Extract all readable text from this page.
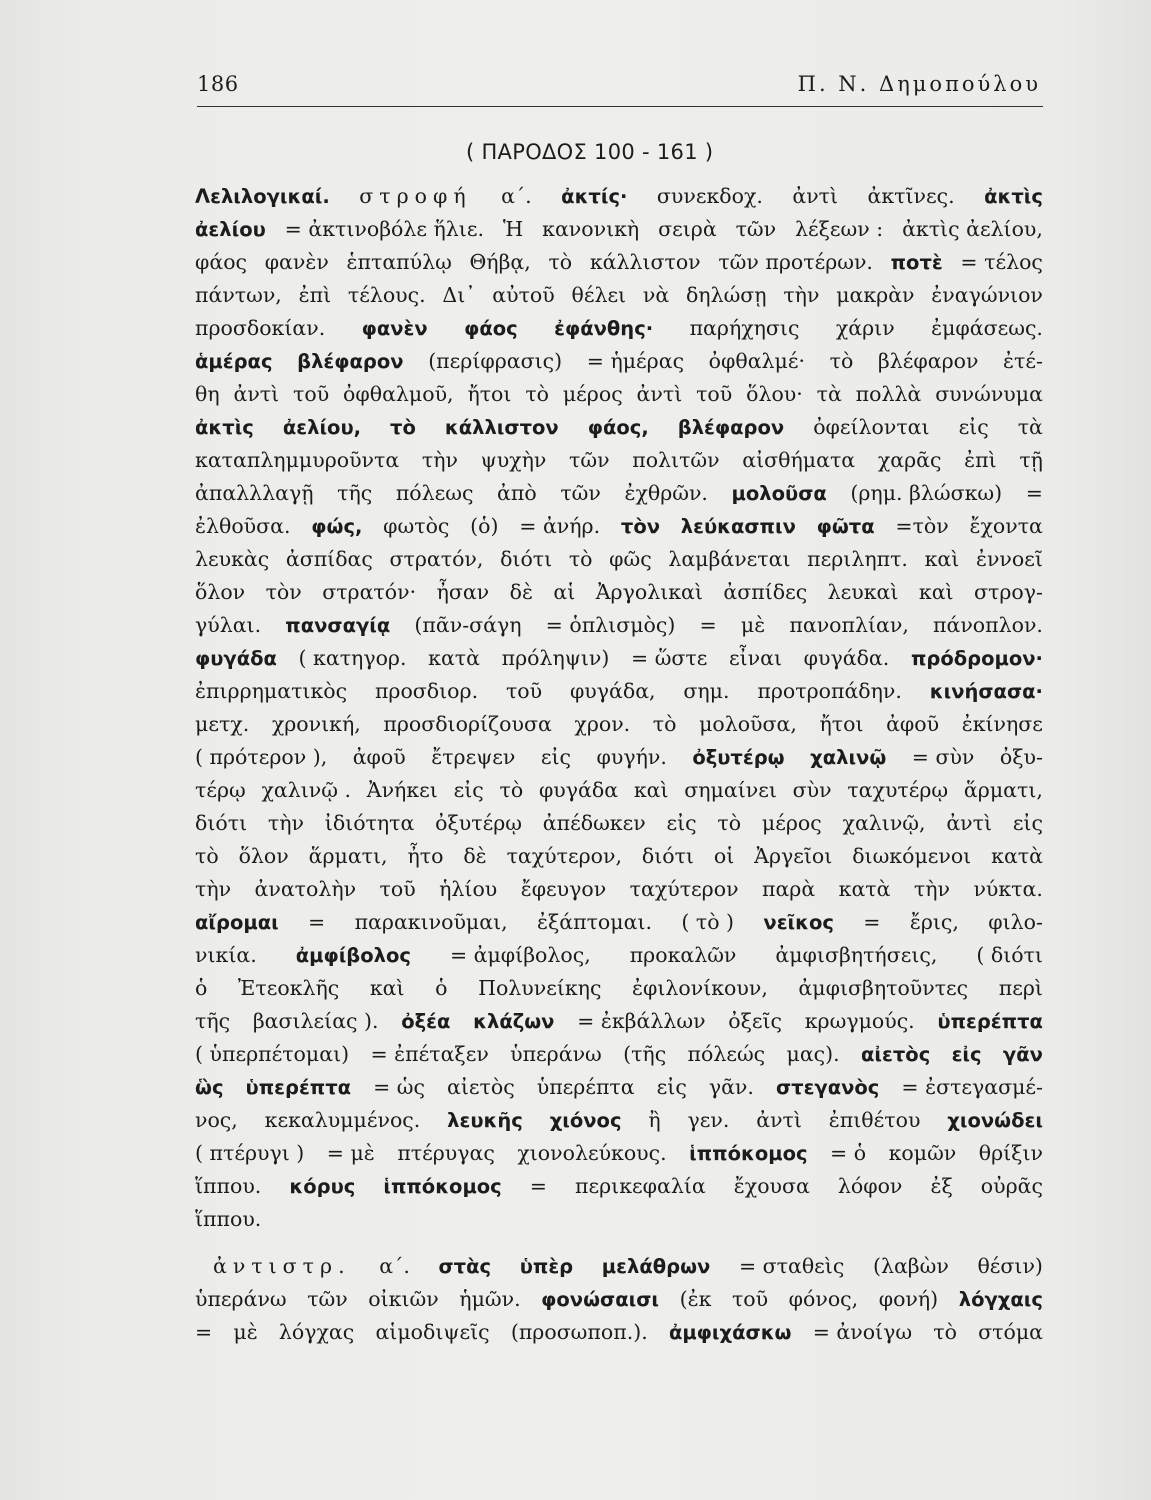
186	Π. Ν. Δημοπούλου
( ΠΑΡΟΔΟΣ 100 - 161 )
Λελιλογικαί. στροφή α΄. ἀκτίς· συνεκδοχ. ἀντὶ ἀκτῖνες. ἀκτὶς
ἀελίου = ἀκτινοβόλε ἥλιε. Ἡ κανονικὴ σειρὰ τῶν λέξεων : ἀκτὶς ἀελίου,
φάος φανὲν ἑπταπύλῳ Θήβᾳ, τὸ κάλλιστον τῶν προτέρων. ποτὲ = τέλος
πάντων, ἐπὶ τέλους. Δι᾽ αὐτοῦ θέλει νὰ δηλώσῃ τὴν μακρὰν ἐναγώνιον
προσδοκίαν. φανὲν φάος ἐφάνθης· παρήχησις χάριν ἐμφάσεως.
ἁμέρας βλέφαρον (περίφρασις) = ἡμέρας ὀφθαλμέ· τὸ βλέφαρον ἐτέ-
θη ἀντὶ τοῦ ὀφθαλμοῦ, ἤτοι τὸ μέρος ἀντὶ τοῦ ὅλου· τὰ πολλὰ συνώνυμα
ἀκτὶς ἀελίου, τὸ κάλλιστον φάος, βλέφαρον ὀφείλονται εἰς τὰ
καταπλημμυροῦντα τὴν ψυχὴν τῶν πολιτῶν αἰσθήματα χαρᾶς ἐπὶ τῇ
ἀπαλλλαγῇ τῆς πόλεως ἀπὸ τῶν ἐχθρῶν. μολοῦσα (ρημ. βλώσκω) =
ἐλθοῦσα. φώς, φωτὸς (ὁ) = ἀνήρ. τὸν λεύκασπιν φῶτα =τὸν ἔχοντα
λευκὰς ἀσπίδας στρατόν, διότι τὸ φῶς λαμβάνεται περιληπτ. καὶ ἐννοεῖ
ὅλον τὸν στρατόν· ἦσαν δὲ αἱ Ἀργολικαὶ ἀσπίδες λευκαὶ καὶ στρογ-
γύλαι. πανσαγίᾳ (πᾶν-σάγη = ὁπλισμὸς) = μὲ πανοπλίαν, πάνοπλον.
φυγάδα ( κατηγορ. κατὰ πρόληψιν) = ὥστε εἶναι φυγάδα. πρόδρομον·
ἐπιρρηματικὸς προσδιορ. τοῦ φυγάδα, σημ. προτροπάδην. κινήσασα·
μετχ. χρονική, προσδιορίζουσα χρον. τὸ μολοῦσα, ἤτοι ἀφοῦ ἐκίνησε
( πρότερον ), ἀφοῦ ἔτρεψεν εἰς φυγήν. ὀξυτέρῳ χαλινῷ = σὺν ὀξυ-
τέρῳ χαλινῷ . Ἀνήκει εἰς τὸ φυγάδα καὶ σημαίνει σὺν ταχυτέρῳ ἅρματι,
διότι τὴν ἰδιότητα ὀξυτέρῳ ἀπέδωκεν εἰς τὸ μέρος χαλινῷ, ἀντὶ εἰς
τὸ ὅλον ἅρματι, ἦτο δὲ ταχύτερον, διότι οἱ Ἀργεῖοι διωκόμενοι κατὰ
τὴν ἀνατολὴν τοῦ ἡλίου ἔφευγον ταχύτερον παρὰ κατὰ τὴν νύκτα.
αἴρομαι = παρακινοῦμαι, ἐξάπτομαι. ( τὸ ) νεῖκος = ἔρις, φιλο-
νικία. ἀμφίβολος = ἀμφίβολος, προκαλῶν ἀμφισβητήσεις, ( διότι
ὁ Ἐτεοκλῆς καὶ ὁ Πολυνείκης ἐφιλονίκουν, ἀμφισβητοῦντες περὶ
τῆς βασιλείας ). ὀξέα κλάζων = ἐκβάλλων ὀξεῖς κρωγμούς. ὑπερέπτα
( ὑπερπέτομαι) = ἐπέταξεν ὑπεράνω (τῆς πόλεώς μας). αἰετὸς εἰς γᾶν
ὣς ὑπερέπτα = ὡς αἰετὸς ὑπερέπτα εἰς γᾶν. στεγανὸς = ἐστεγασμέ-
νος, κεκαλυμμένος. λευκῆς χιόνος ἢ γεν. ἀντὶ ἐπιθέτου χιονώδει
( πτέρυγι ) = μὲ πτέρυγας χιονολεύκους. ἱππόκομος = ὁ κομῶν θρίξιν
ἵππου. κόρυς ἱππόκομος = περικεφαλία ἔχουσα λόφον ἐξ οὐρᾶς
ἵππου.
ἀντιστρ. α΄. στὰς ὑπὲρ μελάθρων = σταθεὶς (λαβὼν θέσιν)
ὑπεράνω τῶν οἰκιῶν ἡμῶν. φονώσαισι (ἐκ τοῦ φόνος, φονή) λόγχαις
= μὲ λόγχας αἱμοδιψεῖς (προσωποπ.). ἀμφιχάσκω = ἀνοίγω τὸ στόμα
